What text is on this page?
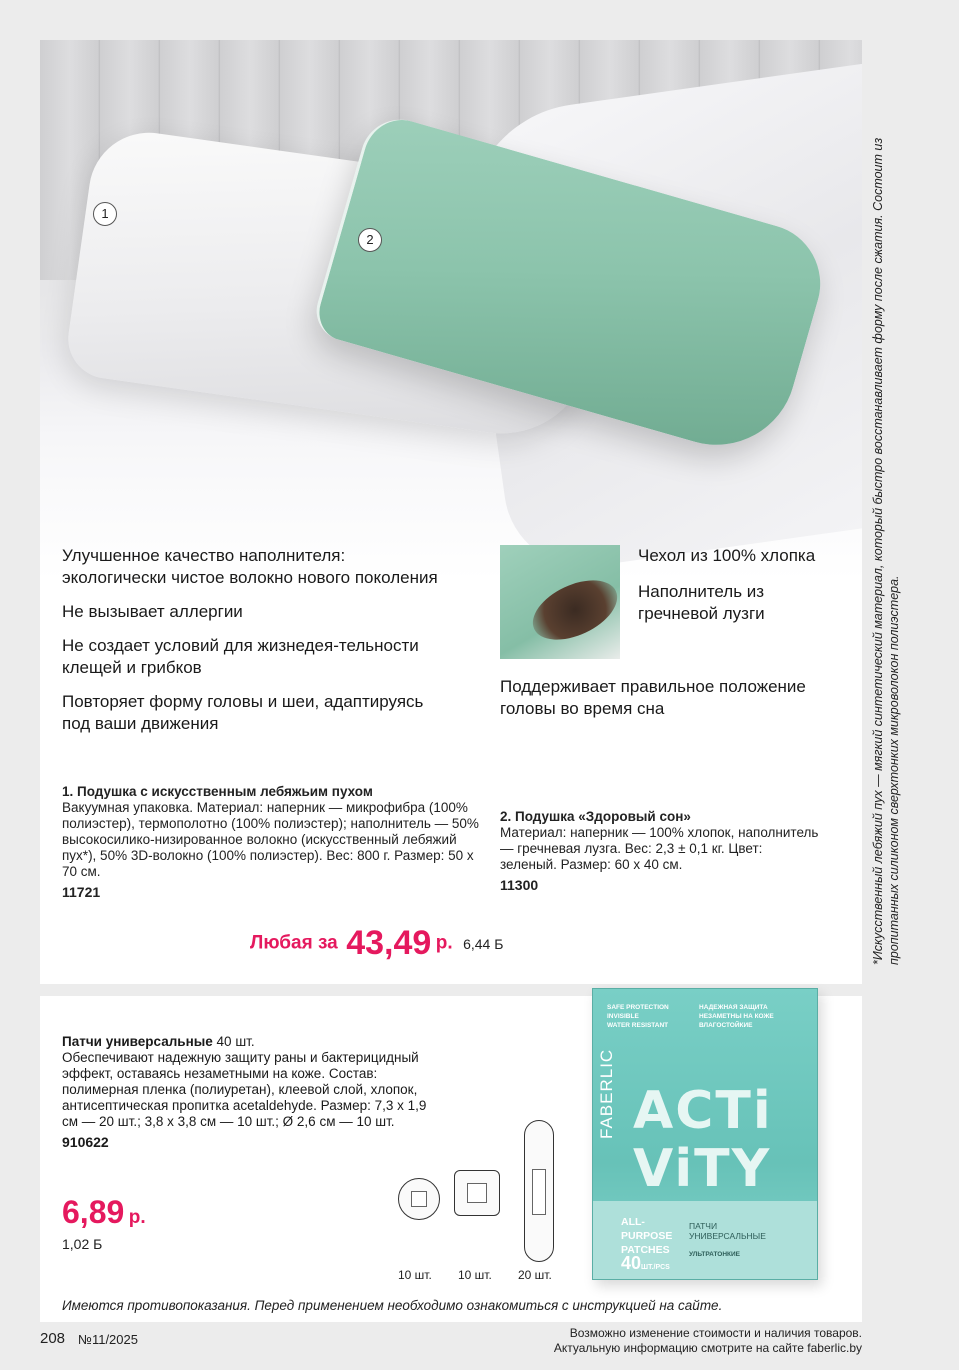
1
2

Улучшенное качество наполнителя: экологически чистое волокно нового поколения

Не вызывает аллергии

Не создает условий для жизнедея-тельности клещей и грибков

Повторяет форму головы и шеи, адаптируясь под ваши движения

Чехол из 100% хлопка

Наполнитель из гречневой лузги

Поддерживает правильное положение головы во время сна
1. Подушка с искусственным лебяжьим пухом
Вакуумная упаковка. Материал: наперник — микрофибра (100% полиэстер), термополотно (100% полиэстер); наполнитель — 50% высокосилико-низированное волокно (искусственный лебяжий пух*), 50% 3D-волокно (100% полиэстер). Вес: 800 г. Размер: 50 х 70 см.
11721
2. Подушка «Здоровый сон»
Материал: наперник — 100% хлопок, наполнитель — гречневая лузга. Вес: 2,3 ± 0,1 кг. Цвет: зеленый. Размер: 60 х 40 см.
11300
Любая за 43,49 р. 6,44 Б
Патчи универсальные 40 шт.
Обеспечивают надежную защиту раны и бактерицидный эффект, оставаясь незаметными на коже. Состав: полимерная пленка (полиуретан), клеевой слой, хлопок, антисептическая пропитка acetaldehyde. Размер: 7,3 х 1,9 см — 20 шт.; 3,8 х 3,8 см — 10 шт.; Ø 2,6 см — 10 шт.
910622
6,89 р.
1,02 Б
10 шт. 10 шт. 20 шт.
SAFE PROTECTION	НАДЕЖНАЯ ЗАЩИТА
INVISIBLE	НЕЗАМЕТНЫ НА КОЖЕ
WATER RESISTANT	ВЛАГОСТОЙКИЕ
FABERLIC ACTi
ViTY
ALL-
PURPOSE
PATCHES
ПАТЧИ
УНИВЕРСАЛЬНЫЕ
УЛЬТРАТОНКИЕ
40ШТ./PCS
Имеются противопоказания. Перед применением необходимо ознакомиться с инструкцией на сайте.
208 №11/2025	Возможно изменение стоимости и наличия товаров.
Актуальную информацию смотрите на сайте faberlic.by
*Искусственный лебяжий пух — мягкий синтетический материал, который быстро восстанавливает форму после сжатия. Состоит из пропитанных силиконом сверхтонких микроволокон полиэстера.
